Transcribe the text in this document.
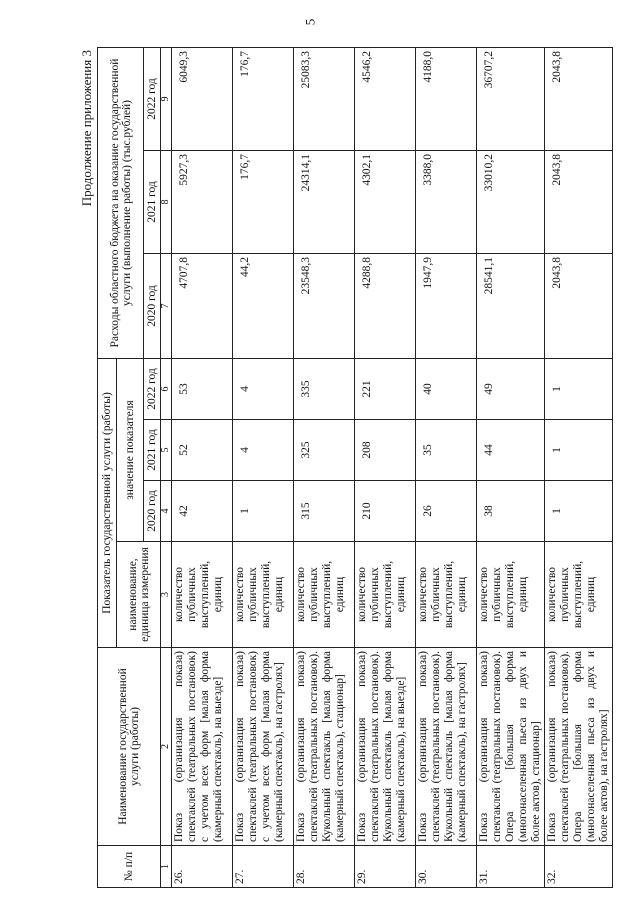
5
Продолжение приложения 3
№ п/п	Наименование государственной услуги (работы)	Показатель государственной услуги (работы)				Расходы областного бюджета на оказание государственной услуги (выполнение работы) (тыс.рублей)		
		наименование, единица измерения	значение показателя					
			2020 год	2021 год	2022 год	2020 год	2021 год	2022 год
1	2	3	4	5	6	7	8	9
26.	Показ (организация показа) спектаклей (театральных постановок) с учетом всех форм [малая форма (камерный спектакль), на выезде]	количество публичных выступлений, единиц	42	52	53	4707,8	5927,3	6049,3
27.	Показ (организация показа) спектаклей (театральных постановок) с учетом всех форм [малая форма (камерный спектакль), на гастролях]	количество публичных выступлений, единиц	1	4	4	44,2	176,7	176,7
28.	Показ (организация показа) спектаклей (театральных постановок). Кукольный спектакль [малая форма (камерный спектакль), стационар]	количество публичных выступлений, единиц	315	325	335	23548,3	24314,1	25083,3
29.	Показ (организация показа) спектаклей (театральных постановок). Кукольный спектакль [малая форма (камерный спектакль), на выезде]	количество публичных выступлений, единиц	210	208	221	4288,8	4302,1	4546,2
30.	Показ (организация показа) спектаклей (театральных постановок). Кукольный спектакль [малая форма (камерный спектакль), на гастролях]	количество публичных выступлений, единиц	26	35	40	1947,9	3388,0	4188,0
31.	Показ (организация показа) спектаклей (театральных постановок). Опера [большая форма (многонаселенная пьеса из двух и более актов), стационар]	количество публичных выступлений, единиц	38	44	49	28541,1	33010,2	36707,2
32.	Показ (организация показа) спектаклей (театральных постановок). Опера [большая форма (многонаселенная пьеса из двух и более актов), на гастролях]	количество публичных выступлений, единиц	1	1	1	2043,8	2043,8	2043,8
